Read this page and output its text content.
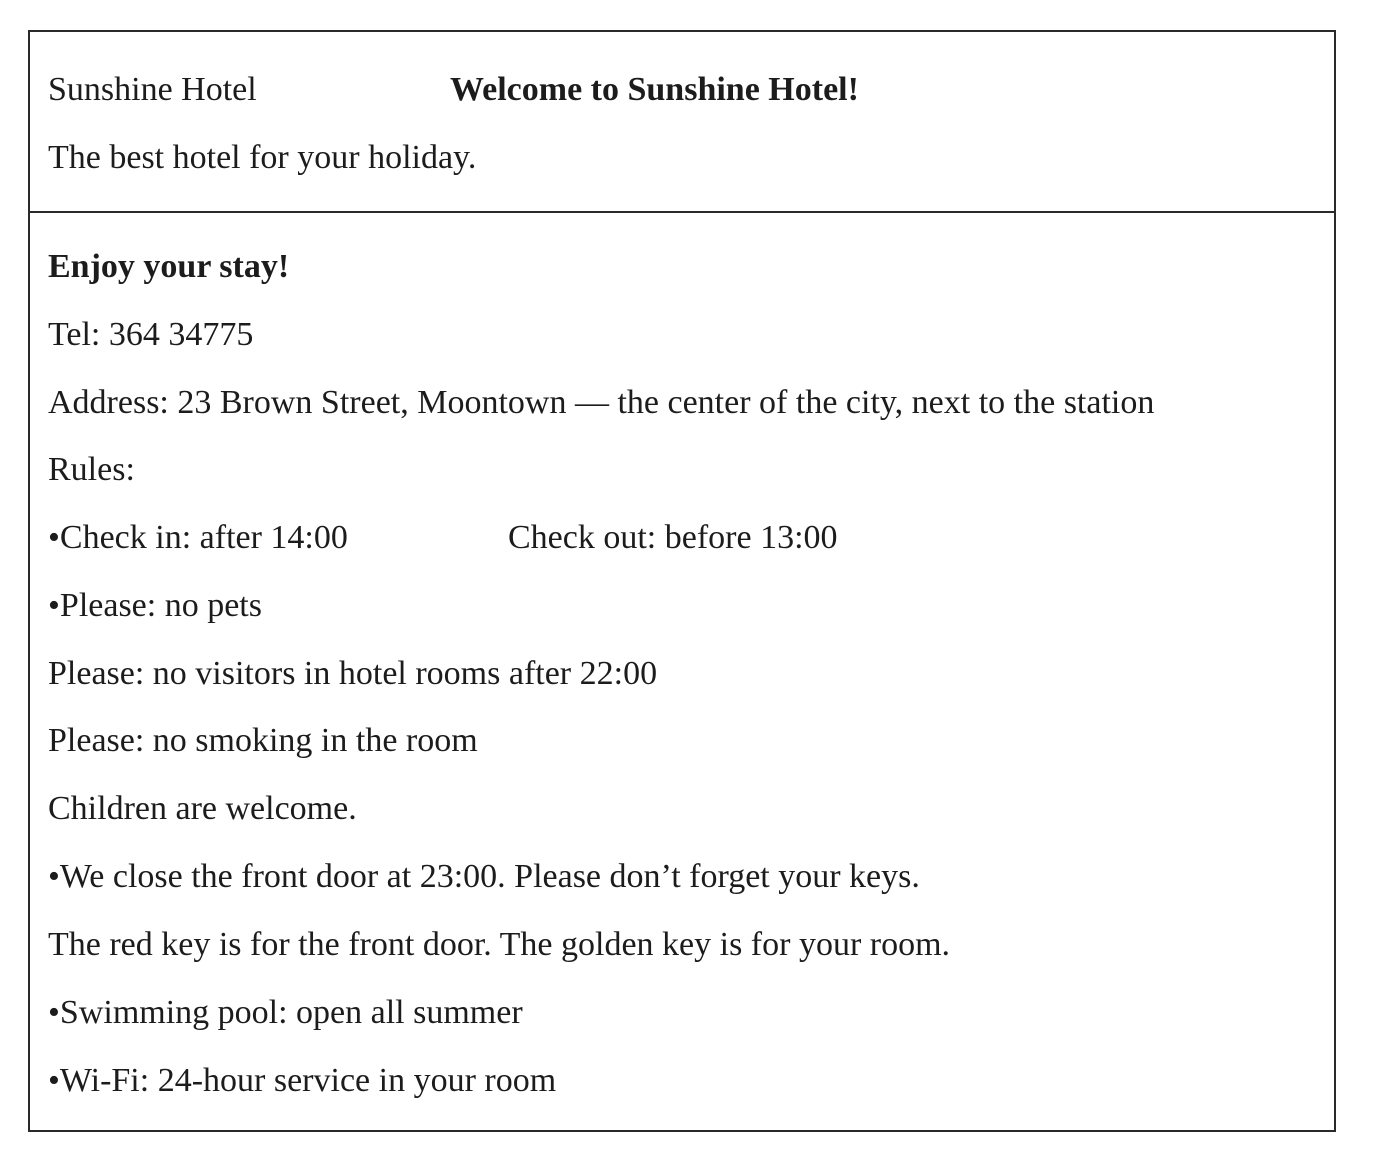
Sunshine Hotel	Welcome to Sunshine Hotel!
The best hotel for your holiday.
Enjoy your stay!
Tel: 364 34775
Address: 23 Brown Street, Moontown — the center of the city, next to the station
Rules:
•Check in: after 14:00	Check out: before 13:00
•Please: no pets
Please: no visitors in hotel rooms after 22:00
Please: no smoking in the room
Children are welcome.
•We close the front door at 23:00. Please don’t forget your keys.
The red key is for the front door. The golden key is for your room.
•Swimming pool: open all summer
•Wi-Fi: 24-hour service in your room
